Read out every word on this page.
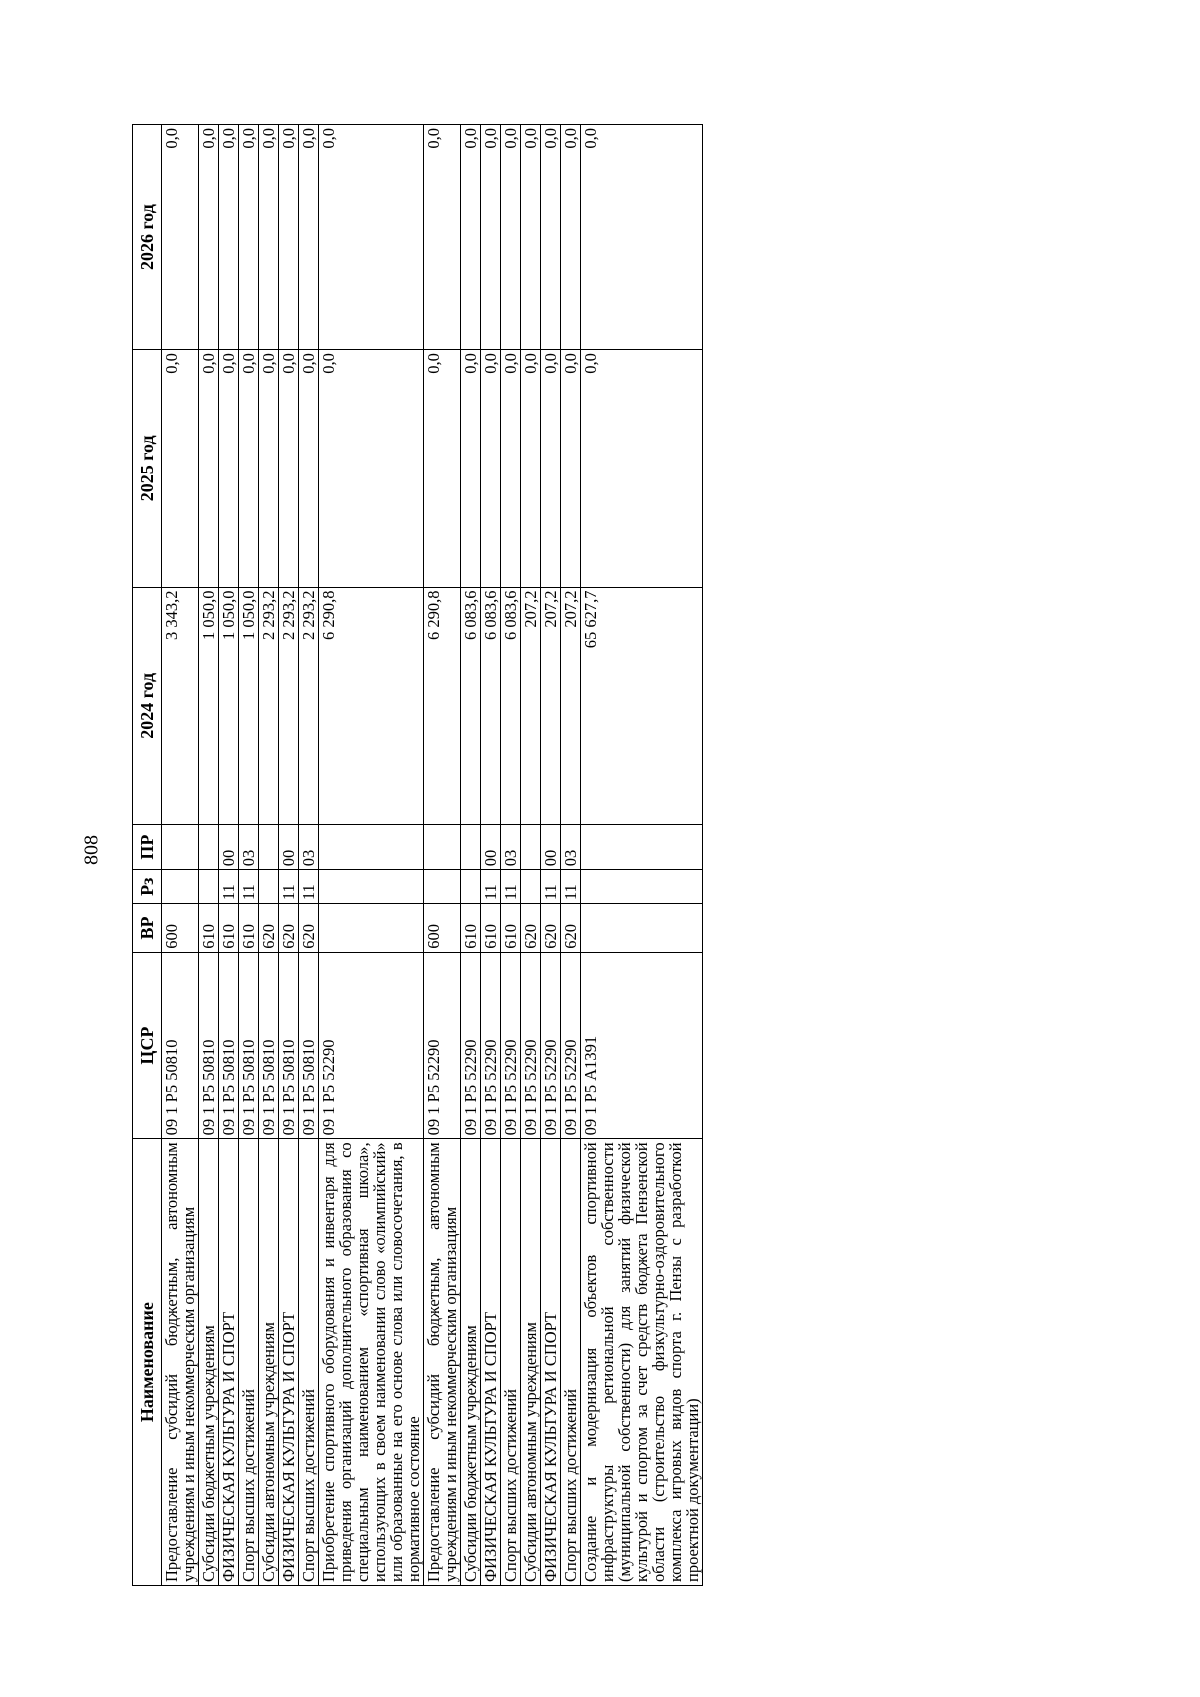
808
Наименование	ЦСР	ВР	Рз	ПР	2024 год	2025 год	2026 год
Предоставление субсидий бюджетным, автономным учреждениям и иным некоммерческим организациям	09 1 Р5 50810	600			3 343,2	0,0	0,0
Субсидии бюджетным учреждениям	09 1 Р5 50810	610			1 050,0	0,0	0,0
ФИЗИЧЕСКАЯ КУЛЬТУРА И СПОРТ	09 1 Р5 50810	610	11	00	1 050,0	0,0	0,0
Спорт высших достижений	09 1 Р5 50810	610	11	03	1 050,0	0,0	0,0
Субсидии автономным учреждениям	09 1 Р5 50810	620			2 293,2	0,0	0,0
ФИЗИЧЕСКАЯ КУЛЬТУРА И СПОРТ	09 1 Р5 50810	620	11	00	2 293,2	0,0	0,0
Спорт высших достижений	09 1 Р5 50810	620	11	03	2 293,2	0,0	0,0
Приобретение спортивного оборудования и инвентаря для приведения организаций дополнительного образования со специальным наименованием «спортивная школа», использующих в своем наименовании слово «олимпийский» или образованные на его основе слова или словосочетания, в нормативное состояние	09 1 Р5 52290				6 290,8	0,0	0,0
Предоставление субсидий бюджетным, автономным учреждениям и иным некоммерческим организациям	09 1 Р5 52290	600			6 290,8	0,0	0,0
Субсидии бюджетным учреждениям	09 1 Р5 52290	610			6 083,6	0,0	0,0
ФИЗИЧЕСКАЯ КУЛЬТУРА И СПОРТ	09 1 Р5 52290	610	11	00	6 083,6	0,0	0,0
Спорт высших достижений	09 1 Р5 52290	610	11	03	6 083,6	0,0	0,0
Субсидии автономным учреждениям	09 1 Р5 52290	620			207,2	0,0	0,0
ФИЗИЧЕСКАЯ КУЛЬТУРА И СПОРТ	09 1 Р5 52290	620	11	00	207,2	0,0	0,0
Спорт высших достижений	09 1 Р5 52290	620	11	03	207,2	0,0	0,0
Создание и модернизация объектов спортивной инфраструктуры региональной собственности (муниципальной собственности) для занятий физической культурой и спортом за счет средств бюджета Пензенской области (строительство физкультурно-оздоровительного комплекса игровых видов спорта г. Пензы с разработкой проектной документации)	09 1 Р5 А1391				65 627,7	0,0	0,0
